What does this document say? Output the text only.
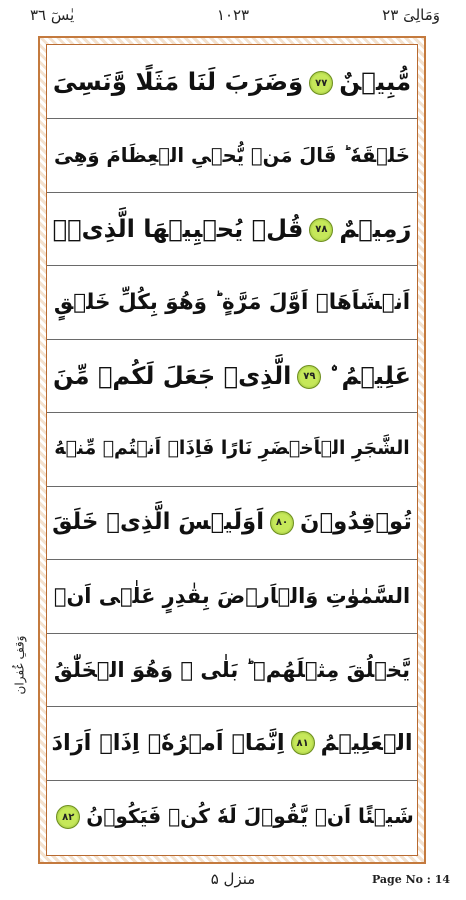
وَمَالِیَ ٢٣
١٠٢٣
یٰسٓ ٣٦
مُّبِیۡنٌ٧٧وَضَرَبَ لَنَا مَثَلًا وَّنَسِیَ
خَلۡقَهٗ ؕ قَالَ مَنۡ یُّحۡیِ الۡعِظَامَ وَهِیَ
رَمِیۡمٌ٧٨قُلۡ یُحۡیِیۡهَا الَّذِیۡۤ
اَنۡشَاَهَاۤ اَوَّلَ مَرَّةٍ ؕ وَهُوَ بِكُلِّ خَلۡقٍ
عَلِیۡمُ ۨ٧٩الَّذِیۡ جَعَلَ لَكُمۡ مِّنَ
الشَّجَرِ الۡاَخۡضَرِ نَارًا فَاِذَاۤ اَنۡتُمۡ مِّنۡهُ
تُوۡقِدُوۡنَ٨٠اَوَلَیۡسَ الَّذِیۡ خَلَقَ
السَّمٰوٰتِ وَالۡاَرۡضَ بِقٰدِرٍ عَلٰۤی اَنۡ
یَّخۡلُقَ مِثۡلَهُمۡ ؕ بَلٰی ۚ وَهُوَ الۡخَلّٰقُ
الۡعَلِیۡمُ٨١اِنَّمَاۤ اَمۡرُهٗۤ اِذَاۤ اَرَادَ
شَیۡئًا اَنۡ یَّقُوۡلَ لَهٗ كُنۡ فَیَكُوۡنُ٨٢
وَقفِ غُفران
منزل ۵	Page No : 14
